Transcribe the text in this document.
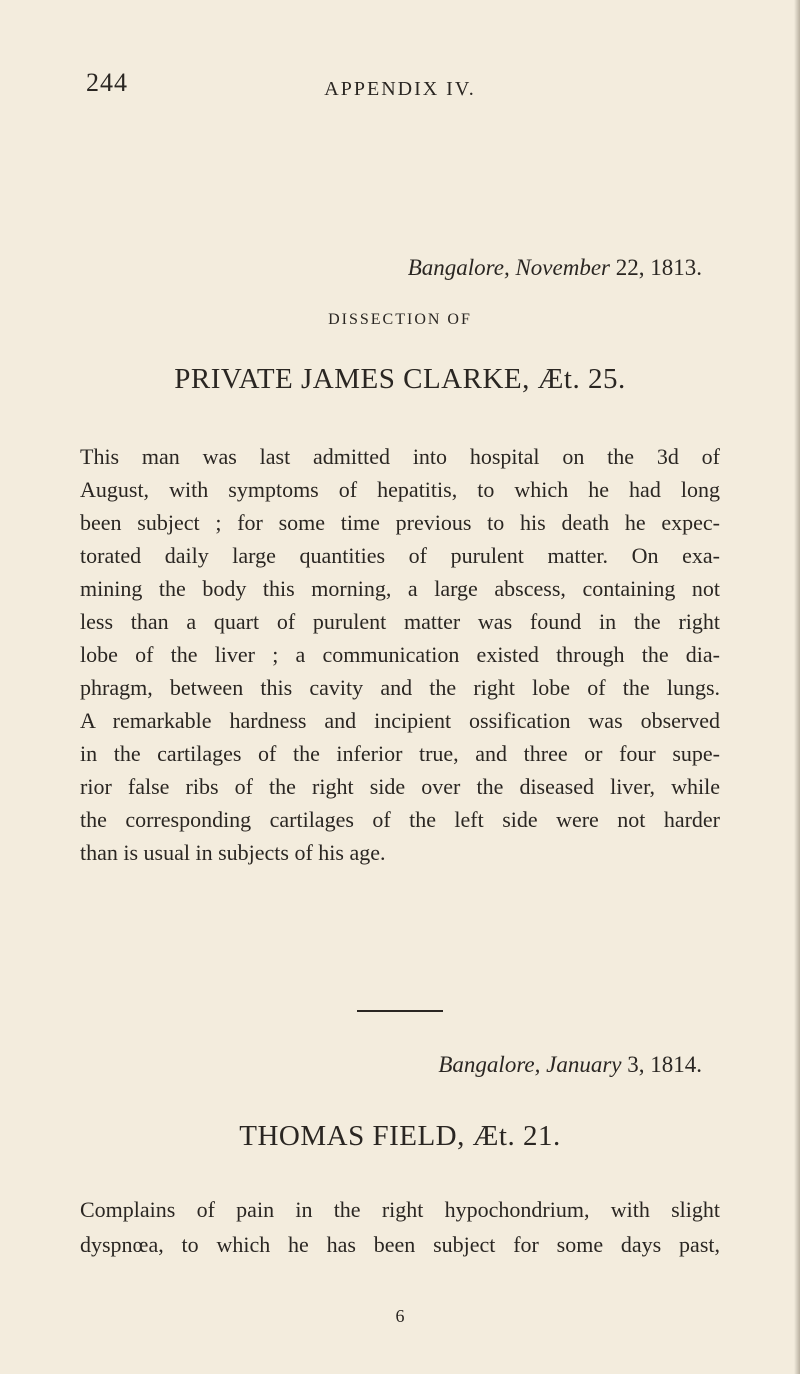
244	APPENDIX IV.
Bangalore, November 22, 1813.
DISSECTION OF
PRIVATE JAMES CLARKE, Æt. 25.
This man was last admitted into hospital on the 3d of
August, with symptoms of hepatitis, to which he had long
been subject ; for some time previous to his death he expec-
torated daily large quantities of purulent matter. On exa-
mining the body this morning, a large abscess, containing not
less than a quart of purulent matter was found in the right
lobe of the liver ; a communication existed through the dia-
phragm, between this cavity and the right lobe of the lungs.
A remarkable hardness and incipient ossification was observed
in the cartilages of the inferior true, and three or four supe-
rior false ribs of the right side over the diseased liver, while
the corresponding cartilages of the left side were not harder
than is usual in subjects of his age.
Bangalore, January 3, 1814.
THOMAS FIELD, Æt. 21.
Complains of pain in the right hypochondrium, with slight
dyspnœa, to which he has been subject for some days past,
6
